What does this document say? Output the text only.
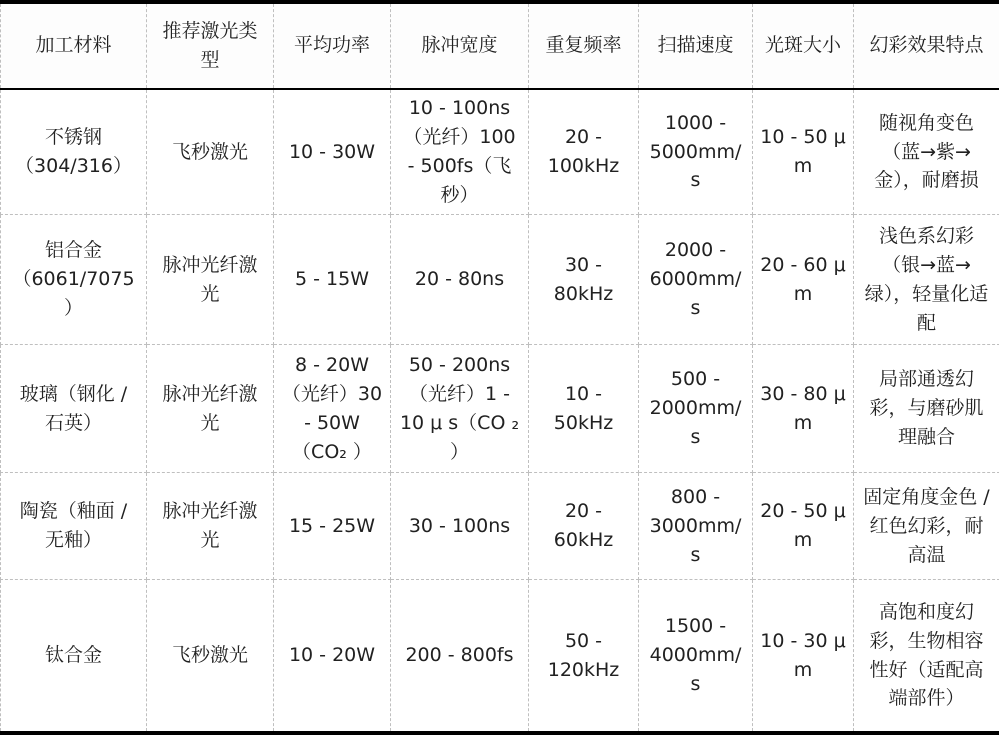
加工材料	推荐激光类型	平均功率	脉冲宽度	重复频率	扫描速度	光斑大小	幻彩效果特点
不锈钢（304/316）	飞秒激光	10 - 30W	10 - 100ns（光纤）100 - 500fs（飞秒）	20 - 100kHz	1000 - 5000mm/s	10 - 50 μ m	随视角变色（蓝→紫→金），耐磨损
铝合金（6061/7075）	脉冲光纤激光	5 - 15W	20 - 80ns	30 - 80kHz	2000 - 6000mm/s	20 - 60 μ m	浅色系幻彩（银→蓝→绿），轻量化适配
玻璃（钢化 / 石英）	脉冲光纤激光	8 - 20W（光纤）30 - 50W（CO₂ ）	50 - 200ns（光纤）1 - 10 μ s（CO ₂ ）	10 - 50kHz	500 - 2000mm/s	30 - 80 μ m	局部通透幻彩，与磨砂肌理融合
陶瓷（釉面 / 无釉）	脉冲光纤激光	15 - 25W	30 - 100ns	20 - 60kHz	800 - 3000mm/s	20 - 50 μ m	固定角度金色 / 红色幻彩，耐高温
钛合金	飞秒激光	10 - 20W	200 - 800fs	50 - 120kHz	1500 - 4000mm/s	10 - 30 μ m	高饱和度幻彩，生物相容性好（适配高端部件）
